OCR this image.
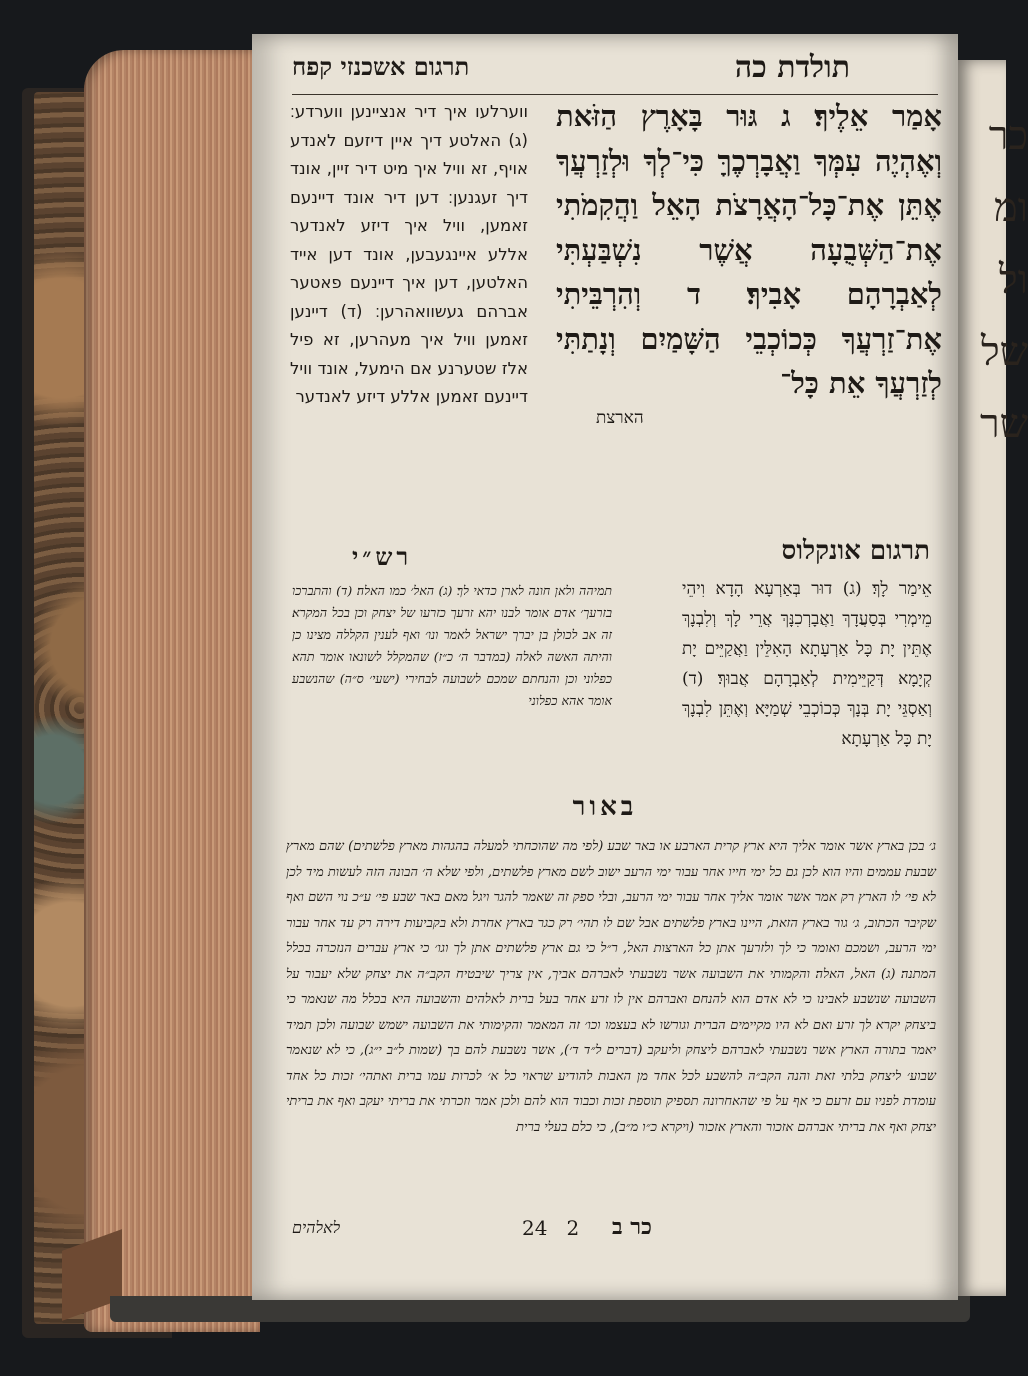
כר
ומ
ול
של
שר
תולדת כה
תרגום אשכנזי קפח
אָמַר אֵלֶיךָ׃ ג גּוּר בָּאָרֶץ הַזֹּאת וְאֶהְיֶה עִמְּךָ וַאֲבָרְכֶךָּ כִּי־לְךָ וּלְזַרְעֲךָ אֶתֵּן אֶת־כָּל־הָאֲרָצֹת הָאֵל וַהֲקִמֹתִי אֶת־הַשְּׁבֻעָה אֲשֶׁר נִשְׁבַּעְתִּי לְאַבְרָהָם אָבִיךָ׃ ד וְהִרְבֵּיתִי אֶת־זַרְעֲךָ כְּכוֹכְבֵי הַשָּׁמַיִם וְנָתַתִּי לְזַרְעֲךָ אֵת כָּל־
הארצת
ווערלעו איך דיר אנציינען ווערדע׃ (ג) האלטע דיך איין דיזעם לאנדע אויף, זא וויל איך מיט דיר זיין, אונד דיך זעגנען׃ דען דיר אונד דיינעם זאמען, וויל איך דיזע לאנדער אללע איינגעבען, אונד דען אייד האלטען, דען איך דיינעם פאטער אברהם געשוואהרען׃ (ד) דיינען זאמען וויל איך מעהרען, זא פיל אלז שטערנע אם הימעל, אונד וויל דיינעם זאמען אללע דיזע לאנדער
תרגום אונקלוס
רש״י
אֵימַר לָךְ׃ (ג) דוּר בְּאַרְעָא הָדָא וִיהֵי מֵימְרִי בְּסַעֲדָךְ וַאֲבָרְכִנָּךְ אֲרֵי לָךְ וְלִבְנָךְ אֶתֵּין יָת כָּל אַרְעָתָא הָאִלֵּין וַאֲקַיֵּים יָת קְיָמָא דְּקַיֵּימִית לְאַבְרָהָם אֲבוּךְ׃ (ד) וְאַסְגֵּי יָת בְּנָךְ כְּכוֹכְבֵי שְׁמַיָּא וְאֶתֵּן לִבְנָךְ יָת כָּל אַרְעָתָא
תמיהה ולאן חונה לארן כדאי לך׃ (ג) האל׳ כמו האלה׃ (ד) והתברכו בזרעך׳ אדם אומר לבנו יהא זרעך כזרעו של יצחק וכן בכל המקרא׃ זה אב לכולן בן יברך ישראל לאמר ונו׳ ואף לענין הקללה מצינו כן והיתה האשה לאלה (במדבר ה׳ כ״ז) שהמקלל לשונאו אומר תהא כפלוני וכן והנחתם שמכם לשבועה לבחירי (ישעי׳ ס״ה) שהנשבע אומר אהא כפלוני
באור
ג׳ בכן בארץ אשר אומר אליך היא ארץ קרית הארבע או באר שבע (לפי מה שהוכחתי למעלה בהגהות מארץ פלשתים) שהם מארץ שבעת עממים והיו הוא לכן גם כל ימי חייו אחר עבור ימי הרעב ישוב לשם מארץ פלשתים, ולפי שלא ה׳ הבונה הזה לעשות מיד לכן לא פי׳ לו הארץ רק אמר אשר אומר אליך אחר עבור ימי הרעב, ובלי ספק זה שאמר להגר ויגל מאם באר שבע פי׳ ע״כ נוי השם ואף שקיבר הכתוב, ג׳ גור בארץ הזאת, היינו בארץ פלשתים אבל שם לו תהי׳ רק כגר בארץ אחרת ולא בקביעות דירה רק עד אחר עבור ימי הרעב, ושמכם ואומר כי לך ולזרעך אתן כל הארצות האל, ר״ל כי גם ארץ פלשתים אתן לך וגו׳ כי ארץ עברים הנזכרה בכלל המתנה׃ (ג) האל, האלה׃ והקמותי את השבועה אשר נשבעתי לאברהם אביך, אין צריך שיבטיח הקב״ה את יצחק שלא יעבור על השבועה שנשבע לאבינו כי לא אדם הוא להנחם ואברהם אין לו זרע אחר בעל ברית לאלהים והשבועה היא בכלל מה שנאמר כי ביצחק יקרא לך זרע ואם לא היו מקיימים הברית וגורשו לא בעצמו וכו׳ זה המאמר והקימותי את השבועה ישמש שבועה ולכן תמיד יאמר בתורה הארץ אשר נשבעתי לאברהם ליצחק וליעקב (דברים ל״ד ד׳), אשר נשבעת להם בך (שמות ל״ב י״ג), כי לא שנאמר שבוע׳ ליצחק בלתי זאת והנה הקב״ה להשבע לכל אחד מן האבות להודיע שראוי כל א׳ לכרות עמו ברית ואתהי׳ זכות כל אחד עומדת לפניו עם זרעם כי אף על פי שהאחרונה תספיק תוספת זכות וכבוד הוא להם ולכן אמר וזכרתי את בריתי יעקב ואף את בריתי יצחק ואף את בריתי אברהם אזכור והארץ אזכור (ויקרא כ״ו מ״ב), כי כלם בעלי ברית
לאלהים	24 2 כר ב
